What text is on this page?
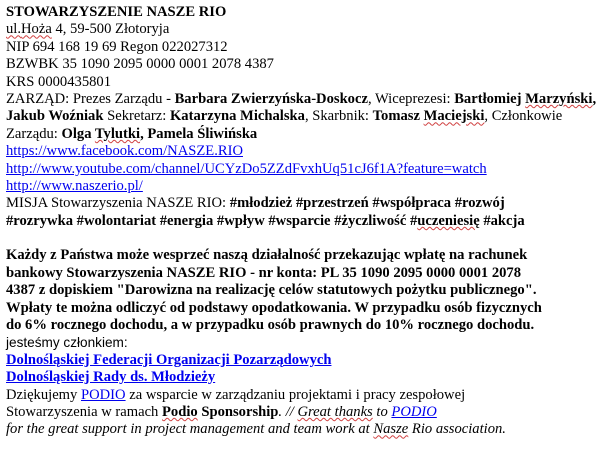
STOWARZYSZENIE NASZE RIO
ul.Hoża 4, 59-500 Złotoryja
NIP 694 168 19 69 Regon 022027312
BZWBK 35 1090 2095 0000 0001 2078 4387
KRS 0000435801
ZARZĄD: Prezes Zarządu - Barbara Zwierzyńska-Doskocz, Wiceprezesi: Bartłomiej Marzyński, Jakub Woźniak Sekretarz: Katarzyna Michalska, Skarbnik: Tomasz Maciejski, Członkowie Zarządu: Olga Tylutki, Pamela Śliwińska
https://www.facebook.com/NASZE.RIO
http://www.youtube.com/channel/UCYzDo5ZZdFvxhUq51cJ6f1A?feature=watch
http://www.naszerio.pl/
MISJA Stowarzyszenia NASZE RIO: #młodzież #przestrzeń #współpraca #rozwój
#rozrywka #wolontariat #energia #wpływ #wsparcie #życzliwość #uczeniesię #akcja
Każdy z Państwa może wesprzeć naszą działalność przekazując wpłatę na rachunek
bankowy Stowarzyszenia NASZE RIO - nr konta: PL 35 1090 2095 0000 0001 2078
4387 z dopiskiem "Darowizna na realizację celów statutowych pożytku publicznego".
Wpłaty te można odliczyć od podstawy opodatkowania. W przypadku osób fizycznych
do 6% rocznego dochodu, a w przypadku osób prawnych do 10% rocznego dochodu.
jesteśmy członkiem:
Dolnośląskiej Federacji Organizacji Pozarządowych
Dolnośląskiej Rady ds. Młodzieży
Dziękujemy PODIO za wsparcie w zarządzaniu projektami i pracy zespołowej
Stowarzyszenia w ramach Podio Sponsorship. // Great thanks to PODIO
for the great support in project management and team work at Nasze Rio association.
